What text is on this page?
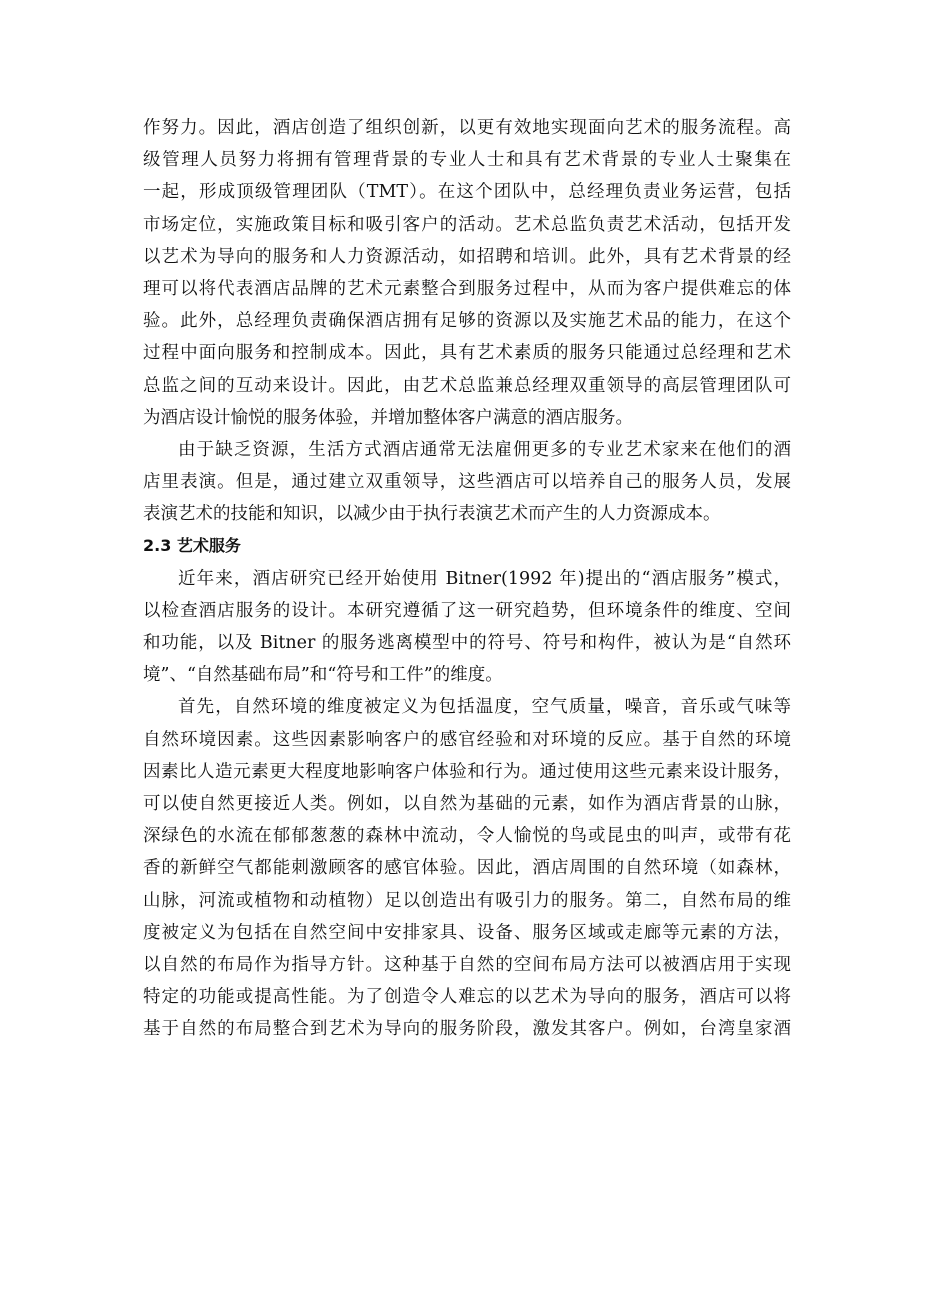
作努力。因此，酒店创造了组织创新，以更有效地实现面向艺术的服务流程。高
级管理人员努力将拥有管理背景的专业人士和具有艺术背景的专业人士聚集在
一起，形成顶级管理团队（TMT）。在这个团队中，总经理负责业务运营，包括
市场定位，实施政策目标和吸引客户的活动。艺术总监负责艺术活动，包括开发
以艺术为导向的服务和人力资源活动，如招聘和培训。此外，具有艺术背景的经
理可以将代表酒店品牌的艺术元素整合到服务过程中，从而为客户提供难忘的体
验。此外，总经理负责确保酒店拥有足够的资源以及实施艺术品的能力，在这个
过程中面向服务和控制成本。因此，具有艺术素质的服务只能通过总经理和艺术
总监之间的互动来设计。因此，由艺术总监兼总经理双重领导的高层管理团队可
为酒店设计愉悦的服务体验，并增加整体客户满意的酒店服务。
由于缺乏资源，生活方式酒店通常无法雇佣更多的专业艺术家来在他们的酒
店里表演。但是，通过建立双重领导，这些酒店可以培养自己的服务人员，发展
表演艺术的技能和知识，以减少由于执行表演艺术而产生的人力资源成本。
2.3 艺术服务
近年来，酒店研究已经开始使用 Bitner(1992 年)提出的“酒店服务”模式，
以检查酒店服务的设计。本研究遵循了这一研究趋势，但环境条件的维度、空间
和功能，以及 Bitner 的服务逃离模型中的符号、符号和构件，被认为是“自然环
境”、“自然基础布局”和“符号和工件”的维度。
首先，自然环境的维度被定义为包括温度，空气质量，噪音，音乐或气味等
自然环境因素。这些因素影响客户的感官经验和对环境的反应。基于自然的环境
因素比人造元素更大程度地影响客户体验和行为。通过使用这些元素来设计服务，
可以使自然更接近人类。例如，以自然为基础的元素，如作为酒店背景的山脉，
深绿色的水流在郁郁葱葱的森林中流动，令人愉悦的鸟或昆虫的叫声，或带有花
香的新鲜空气都能刺激顾客的感官体验。因此，酒店周围的自然环境（如森林，
山脉，河流或植物和动植物）足以创造出有吸引力的服务。第二，自然布局的维
度被定义为包括在自然空间中安排家具、设备、服务区域或走廊等元素的方法，
以自然的布局作为指导方针。这种基于自然的空间布局方法可以被酒店用于实现
特定的功能或提高性能。为了创造令人难忘的以艺术为导向的服务，酒店可以将
基于自然的布局整合到艺术为导向的服务阶段，激发其客户。例如，台湾皇家酒
